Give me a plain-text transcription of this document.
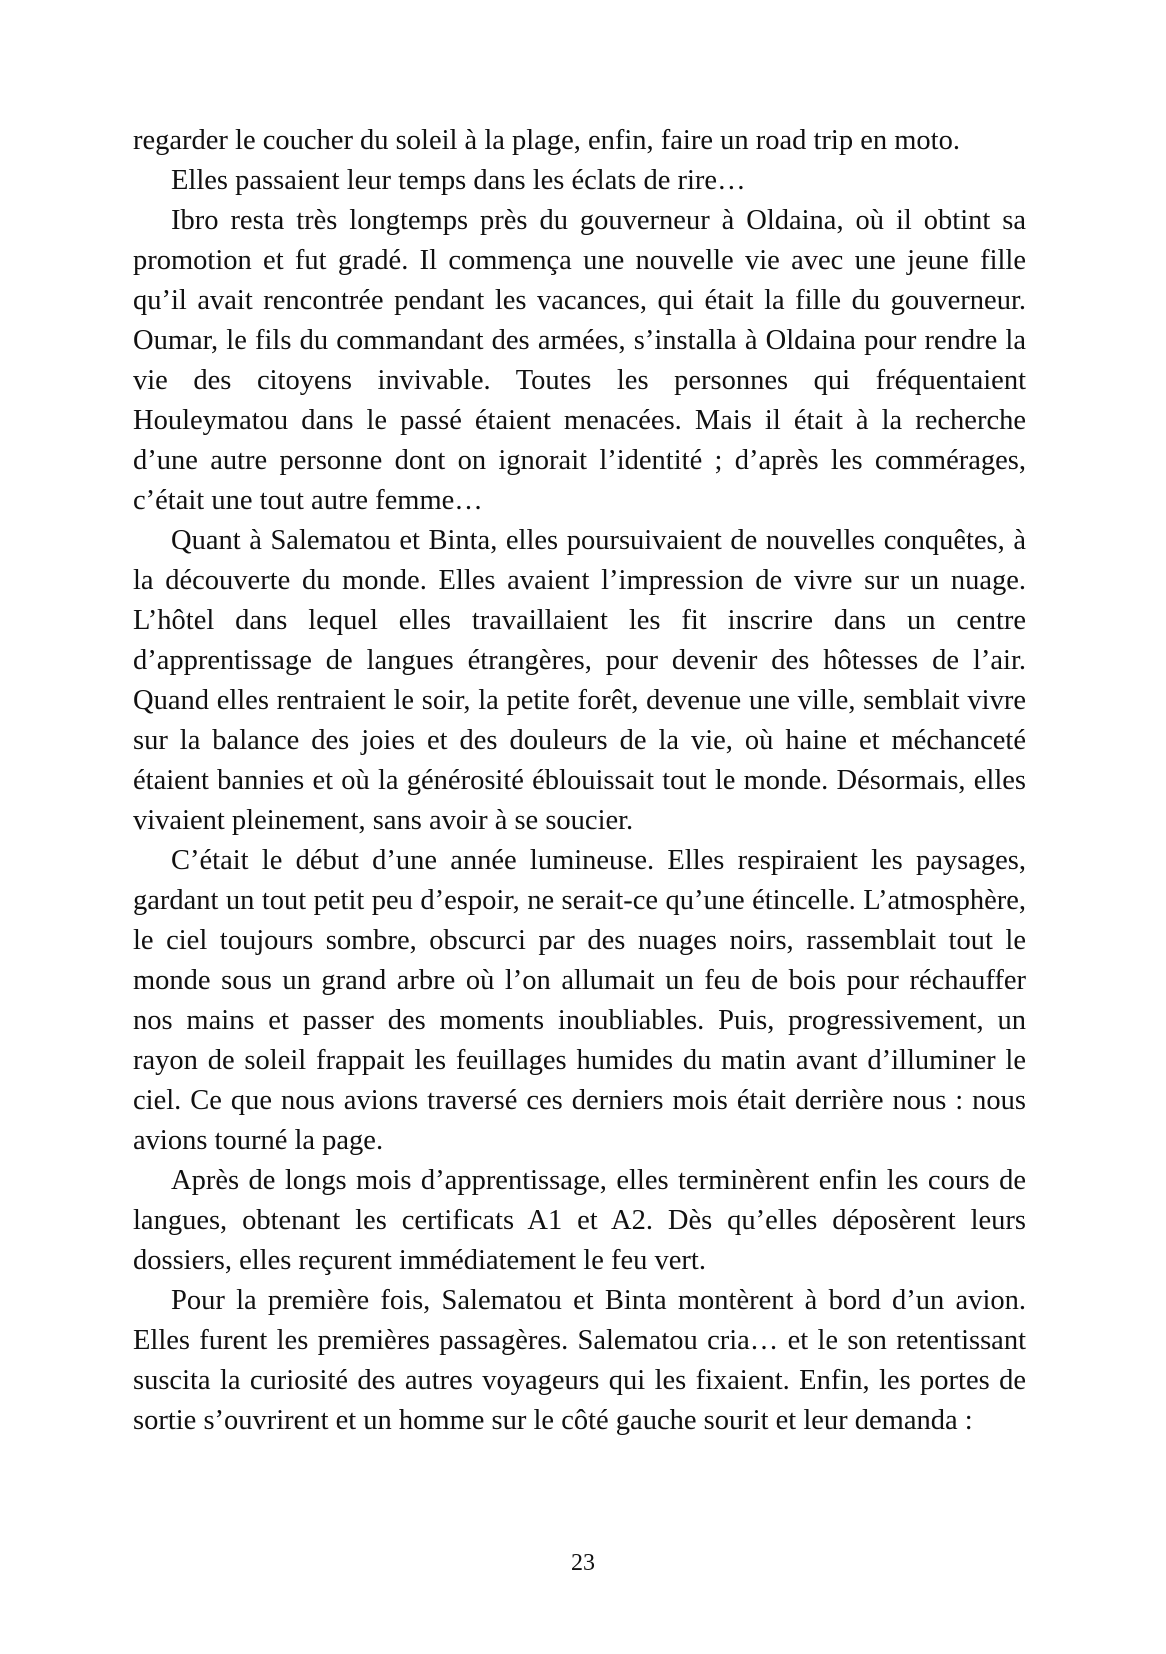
regarder le coucher du soleil à la plage, enfin, faire un road trip en moto.

Elles passaient leur temps dans les éclats de rire…

Ibro resta très longtemps près du gouverneur à Oldaina, où il obtint sa promotion et fut gradé. Il commença une nouvelle vie avec une jeune fille qu’il avait rencontrée pendant les vacances, qui était la fille du gouverneur. Oumar, le fils du commandant des armées, s’installa à Oldaina pour rendre la vie des citoyens invivable. Toutes les personnes qui fréquentaient Houleymatou dans le passé étaient menacées. Mais il était à la recherche d’une autre personne dont on ignorait l’identité ; d’après les commérages, c’était une tout autre femme…

Quant à Salematou et Binta, elles poursuivaient de nouvelles conquêtes, à la découverte du monde. Elles avaient l’impression de vivre sur un nuage. L’hôtel dans lequel elles travaillaient les fit inscrire dans un centre d’apprentissage de langues étrangères, pour devenir des hôtesses de l’air. Quand elles rentraient le soir, la petite forêt, devenue une ville, semblait vivre sur la balance des joies et des douleurs de la vie, où haine et méchanceté étaient bannies et où la générosité éblouissait tout le monde. Désormais, elles vivaient pleinement, sans avoir à se soucier.

C’était le début d’une année lumineuse. Elles respiraient les paysages, gardant un tout petit peu d’espoir, ne serait-ce qu’une étincelle. L’atmosphère, le ciel toujours sombre, obscurci par des nuages noirs, rassemblait tout le monde sous un grand arbre où l’on allumait un feu de bois pour réchauffer nos mains et passer des moments inoubliables. Puis, progressivement, un rayon de soleil frappait les feuillages humides du matin avant d’illuminer le ciel. Ce que nous avions traversé ces derniers mois était derrière nous : nous avions tourné la page.

Après de longs mois d’apprentissage, elles terminèrent enfin les cours de langues, obtenant les certificats A1 et A2. Dès qu’elles déposèrent leurs dossiers, elles reçurent immédiatement le feu vert.

Pour la première fois, Salematou et Binta montèrent à bord d’un avion. Elles furent les premières passagères. Salematou cria… et le son retentissant suscita la curiosité des autres voyageurs qui les fixaient. Enfin, les portes de sortie s’ouvrirent et un homme sur le côté gauche sourit et leur demanda :

23
